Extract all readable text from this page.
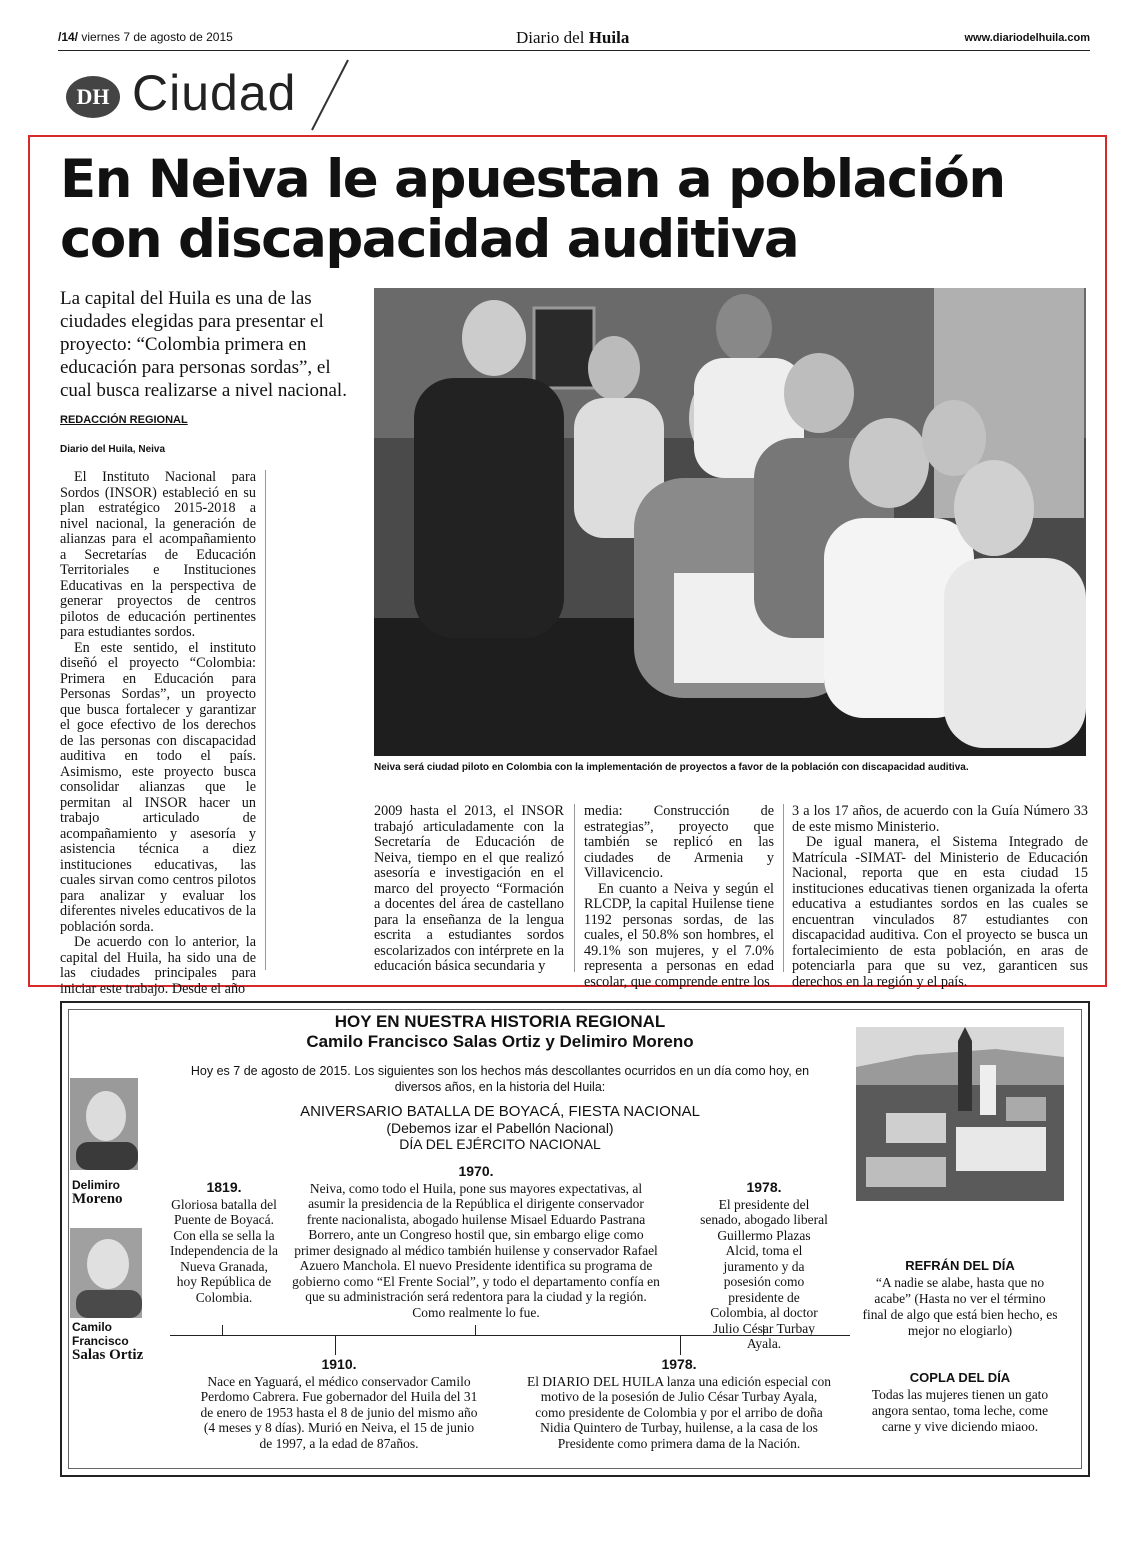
/14/ viernes 7 de agosto de 2015	Diario del Huila	www.diariodelhuila.com
DH Ciudad
En Neiva le apuestan a población con discapacidad auditiva

La capital del Huila es una de las ciudades elegidas para presentar el proyecto: “Colombia primera en educación para personas sordas”, el cual busca realizarse a nivel nacional.

REDACCIÓN REGIONAL
Diario del Huila, Neiva

El Instituto Nacional para Sordos (INSOR) estableció en su plan estratégico 2015-2018 a nivel nacional, la generación de alianzas para el acompañamiento a Secretarías de Educación Territoriales e Instituciones Educativas en la perspectiva de generar proyectos de centros pilotos de educación pertinentes para estudiantes sordos.

En este sentido, el instituto diseñó el proyecto “Colombia: Primera en Educación para Personas Sordas”, un proyecto que busca fortalecer y garantizar el goce efectivo de los derechos de las personas con discapacidad auditiva en todo el país. Asimismo, este proyecto busca consolidar alianzas que le permitan al INSOR hacer un trabajo articulado de acompañamiento y asesoría y asistencia técnica a diez instituciones educativas, las cuales sirvan como centros pilotos para analizar y evaluar los diferentes niveles educativos de la población sorda.

De acuerdo con lo anterior, la capital del Huila, ha sido una de las ciudades principales para iniciar este trabajo. Desde el año

Neiva será ciudad piloto en Colombia con la implementación de proyectos a favor de la población con discapacidad auditiva.

2009 hasta el 2013, el INSOR trabajó articuladamente con la Secretaría de Educación de Neiva, tiempo en el que realizó asesoría e investigación en el marco del proyecto “Formación a docentes del área de castellano para la enseñanza de la lengua escrita a estudiantes sordos escolarizados con intérprete en la educación básica secundaria y

media: Construcción de estrategias”, proyecto que también se replicó en las ciudades de Armenia y Villavicencio.

En cuanto a Neiva y según el RLCDP, la capital Huilense tiene 1192 personas sordas, de las cuales, el 50.8% son hombres, el 49.1% son mujeres, y el 7.0% representa a personas en edad escolar, que comprende entre los

3 a los 17 años, de acuerdo con la Guía Número 33 de este mismo Ministerio.

De igual manera, el Sistema Integrado de Matrícula -SIMAT- del Ministerio de Educación Nacional, reporta que en esta ciudad 15 instituciones educativas tienen organizada la oferta educativa a estudiantes sordos en las cuales se encuentran vinculados 87 estudiantes con discapacidad auditiva. Con el proyecto se busca un fortalecimiento de esta población, en aras de potenciarla para que su vez, garanticen sus derechos en la región y el país.

HOY EN NUESTRA HISTORIA REGIONAL
Camilo Francisco Salas Ortiz y Delimiro Moreno
Hoy es 7 de agosto de 2015. Los siguientes son los hechos más descollantes ocurridos en un día como hoy, en diversos años, en la historia del Huila:
ANIVERSARIO BATALLA DE BOYACÁ, FIESTA NACIONAL
(Debemos izar el Pabellón Nacional)
DÍA DEL EJÉRCITO NACIONAL
Delimiro
Moreno
Camilo Francisco
Salas Ortiz
1819.
Gloriosa batalla del Puente de Boyacá. Con ella se sella la Independencia de la Nueva Granada, hoy República de Colombia.
1970.
Neiva, como todo el Huila, pone sus mayores expectativas, al asumir la presidencia de la República el dirigente conservador frente nacionalista, abogado huilense Misael Eduardo Pastrana Borrero, ante un Congreso hostil que, sin embargo elige como primer designado al médico también huilense y conservador Rafael Azuero Manchola. El nuevo Presidente identifica su programa de gobierno como “El Frente Social”, y todo el departamento confía en que su administración será redentora para la ciudad y la región. Como realmente lo fue.
1978.
El presidente del senado, abogado liberal Guillermo Plazas Alcid, toma el juramento y da posesión como presidente de Colombia, al doctor Julio César Turbay Ayala.
1910.
Nace en Yaguará, el médico conservador Camilo Perdomo Cabrera. Fue gobernador del Huila del 31 de enero de 1953 hasta el 8 de junio del mismo año (4 meses y 8 días). Murió en Neiva, el 15 de junio de 1997, a la edad de 87años.
1978.
El DIARIO DEL HUILA lanza una edición especial con motivo de la posesión de Julio César Turbay Ayala, como presidente de Colombia y por el arribo de doña Nidia Quintero de Turbay, huilense, a la casa de los Presidente como primera dama de la Nación.
REFRÁN DEL DÍA
“A nadie se alabe, hasta que no acabe” (Hasta no ver el término final de algo que está bien hecho, es mejor no elogiarlo)
COPLA DEL DÍA
Todas las mujeres tienen un gato angora sentao, toma leche, come carne y vive diciendo miaoo.
